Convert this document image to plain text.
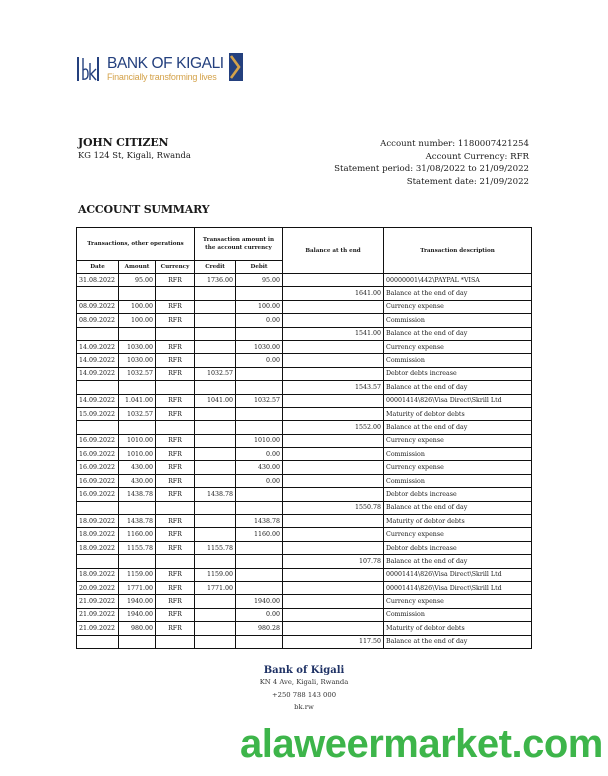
BANK OF KIGALI
Financially transforming lives
JOHN CITIZEN
KG 124 St, Kigali, Rwanda
Account number: 1180007421254
Account Currency: RFR
Statement period: 31/08/2022 to 21/09/2022
Statement date: 21/09/2022
ACCOUNT SUMMARY
Transactions, other operations			Transaction amount in the account currency		Balance at th end	Transaction description
Date	Amount	Currency	Credit	Debit		
31.08.2022	95.00	RFR	1736.00	95.00		00000001\442\PAYPAL *VISA
					1641.00	Balance at the end of day
08.09.2022	100.00	RFR		100.00		Currency expense
08.09.2022	100.00	RFR		0.00		Commission
					1541.00	Balance at the end of day
14.09.2022	1030.00	RFR		1030.00		Currency expense
14.09.2022	1030.00	RFR		0.00		Commission
14.09.2022	1032.57	RFR	1032.57			Debtor debts increase
					1543.57	Balance at the end of day
14.09.2022	1.041.00	RFR	1041.00	1032.57		00001414\826\Visa Direct\Skrill Ltd
15.09.2022	1032.57	RFR				Maturity of debtor debts
					1552.00	Balance at the end of day
16.09.2022	1010.00	RFR		1010.00		Currency expense
16.09.2022	1010.00	RFR		0.00		Commission
16.09.2022	430.00	RFR		430.00		Currency expense
16.09.2022	430.00	RFR		0.00		Commission
16.09.2022	1438.78	RFR	1438.78			Debtor debts increase
					1550.78	Balance at the end of day
18.09.2022	1438.78	RFR		1438.78		Maturity of debtor debts
18.09.2022	1160.00	RFR		1160.00		Currency expense
18.09.2022	1155.78	RFR	1155.78			Debtor debts increase
					107.78	Balance at the end of day
18.09.2022	1159.00	RFR	1159.00			00001414\826\Visa Direct\Skrill Ltd
20.09.2022	1771.00	RFR	1771.00			00001414\826\Visa Direct\Skrill Ltd
21.09.2022	1940.00	RFR		1940.00		Currency expense
21.09.2022	1940.00	RFR		0.00		Commission
21.09.2022	980.00	RFR		980.28		Maturity of debtor debts
					117.50	Balance at the end of day
Bank of Kigali
KN 4 Ave, Kigali, Rwanda
+250 788 143 000
bk.rw
alaweermarket.com
